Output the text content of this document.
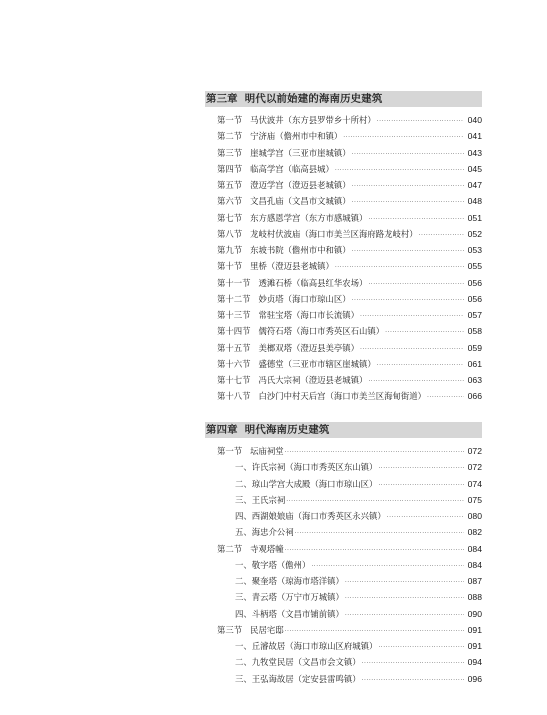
第三章 明代以前始建的海南历史建筑
第一节 马伏波井（东方县罗带乡十所村） ·····	040
第二节 宁济庙（儋州市中和镇） ·····	041
第三节 崖城学宫（三亚市崖城镇） ·····	043
第四节 临高学宫（临高县城） ·····	045
第五节 澄迈学宫（澄迈县老城镇） ·····	047
第六节 文昌孔庙（文昌市文城镇） ·····	048
第七节 东方感恩学宫（东方市感城镇） ·····	051
第八节 龙岐村伏波庙（海口市美兰区海府路龙岐村） ·····	052
第九节 东坡书院（儋州市中和镇） ·····	053
第十节 里桥（澄迈县老城镇） ·····	055
第十一节 透滩石桥（临高县红华农场） ·····	056
第十二节 妙贞塔（海口市琼山区） ·····	056
第十三节 常驻宝塔（海口市长流镇） ·····	057
第十四节 儒符石塔（海口市秀英区石山镇） ·····	058
第十五节 美榔双塔（澄迈县美亭镇） ·····	059
第十六节 盛德堂（三亚市市辖区崖城镇） ·····	061
第十七节 冯氏大宗祠（澄迈县老城镇） ·····	063
第十八节 白沙门中村天后宫（海口市美兰区海甸街道） ·····	066
第四章 明代海南历史建筑
第一节 坛庙祠堂 ·····	072
一、许氏宗祠（海口市秀英区东山镇） ·····	072
二、琼山学宫大成殿（海口市琼山区） ·····	074
三、王氏宗祠 ·····	075
四、西湖娘娘庙（海口市秀英区永兴镇） ·····	080
五、海忠介公祠 ·····	082
第二节 寺观塔幢 ·····	084
一、敬字塔（儋州） ·····	084
二、聚奎塔（琼海市塔洋镇） ·····	087
三、青云塔（万宁市万城镇） ·····	088
四、斗柄塔（文昌市铺前镇） ·····	090
第三节 民居宅邸 ·····	091
一、丘濬故居（海口市琼山区府城镇） ·····	091
二、九牧堂民居（文昌市会文镇） ·····	094
三、王弘诲故居（定安县雷鸣镇） ·····	096
